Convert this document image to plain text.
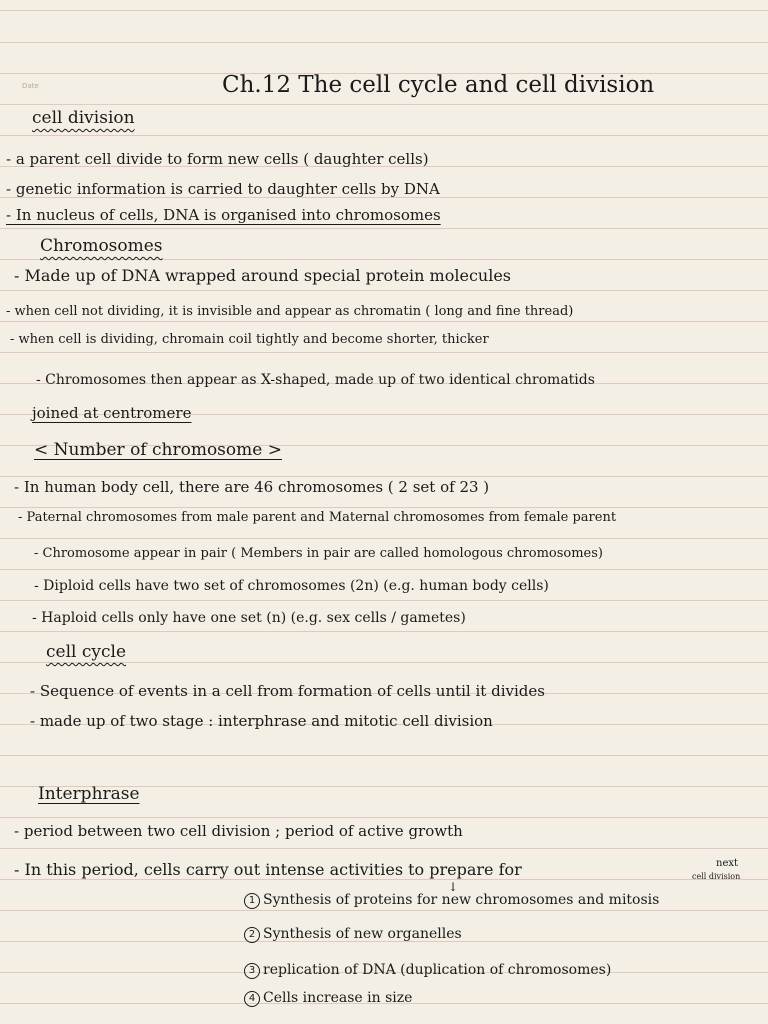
Date	Ch.12 The cell cycle and cell division
cell division
- a parent cell divide to form new cells ( daughter cells)
- genetic information is carried to daughter cells by DNA
- In nucleus of cells, DNA is organised into chromosomes
Chromosomes
- Made up of DNA wrapped around special protein molecules
- when cell not dividing, it is invisible and appear as chromatin ( long and fine thread)
- when cell is dividing, chromain coil tightly and become shorter, thicker
- Chromosomes then appear as X-shaped, made up of two identical chromatids
joined at centromere
< Number of chromosome >
- In human body cell, there are 46 chromosomes ( 2 set of 23 )
- Paternal chromosomes from male parent and Maternal chromosomes from female parent
- Chromosome appear in pair ( Members in pair are called homologous chromosomes)
- Diploid cells have two set of chromosomes (2n) (e.g. human body cells)
- Haploid cells only have one set (n) (e.g. sex cells / gametes)
cell cycle
- Sequence of events in a cell from formation of cells until it divides
- made up of two stage : interphrase and mitotic cell division
Interphrase
- period between two cell division ; period of active growth
- In this period, cells carry out intense activities to prepare for	next
cell division
↓
1 Synthesis of proteins for new chromosomes and mitosis
2 Synthesis of new organelles
3 replication of DNA (duplication of chromosomes)
4 Cells increase in size
